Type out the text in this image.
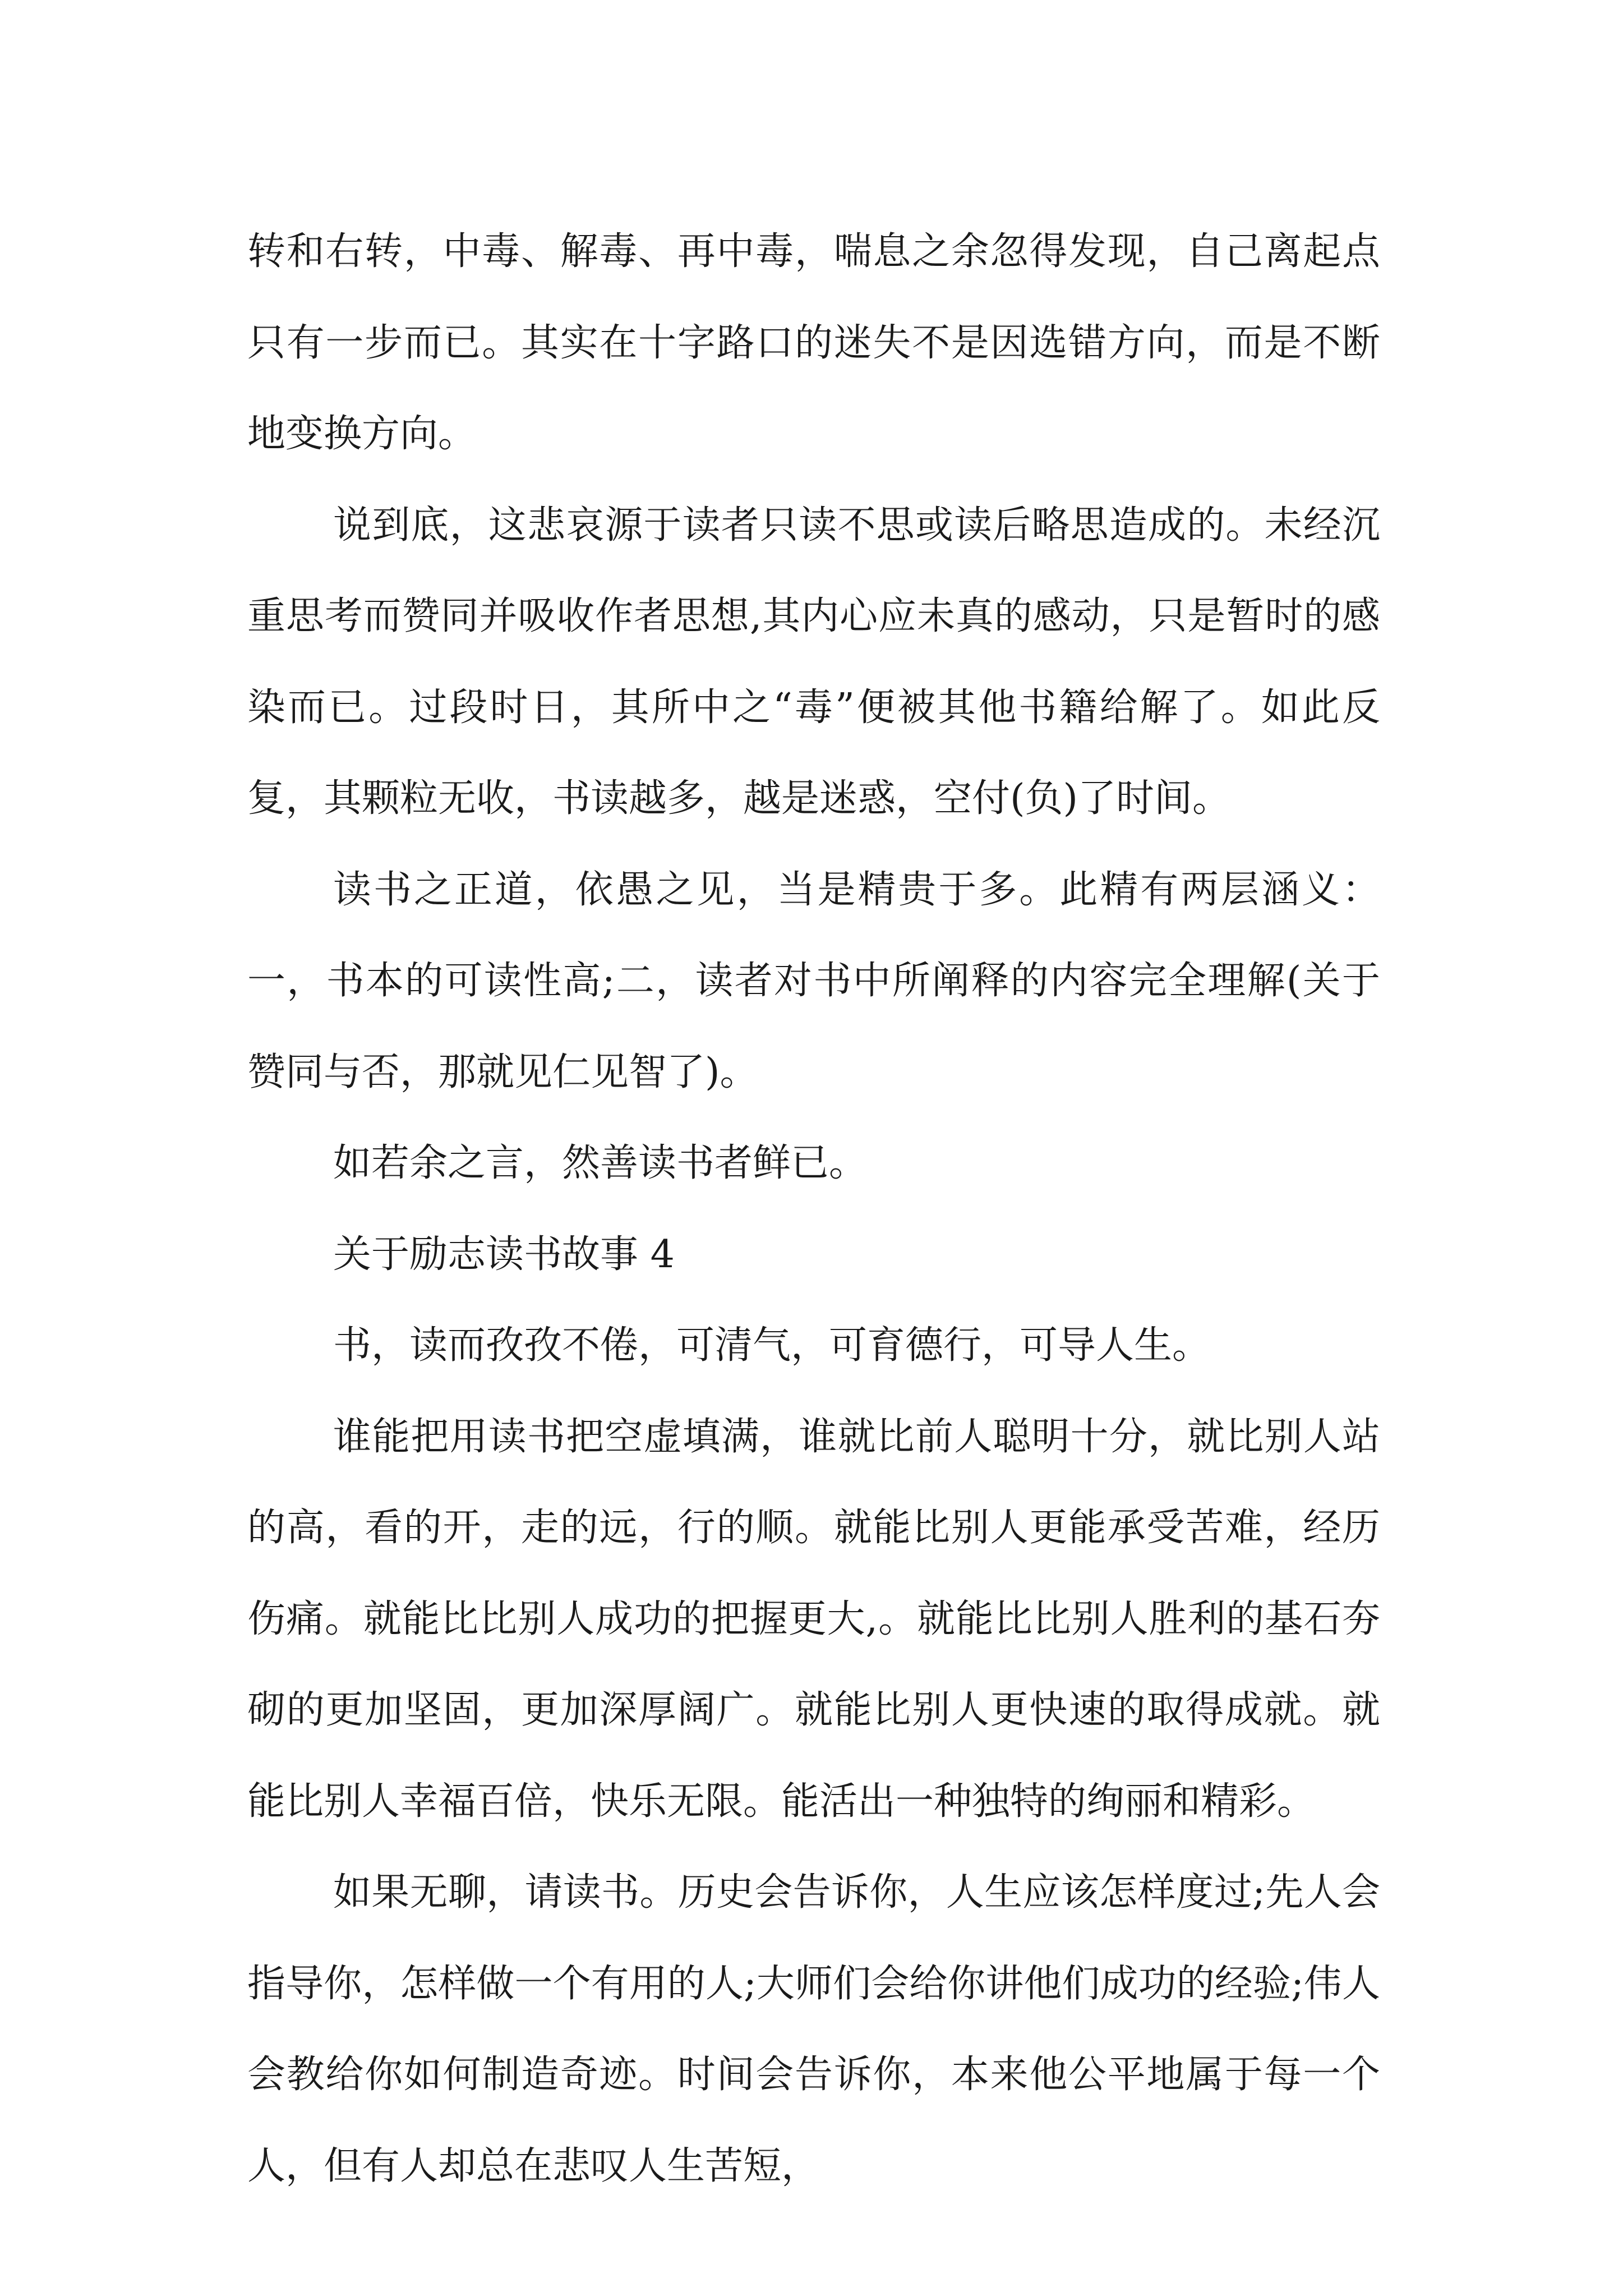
转和右转，中毒、解毒、再中毒，喘息之余忽得发现，自己离起点只有一步而已。其实在十字路口的迷失不是因选错方向，而是不断地变换方向。

说到底，这悲哀源于读者只读不思或读后略思造成的。未经沉重思考而赞同并吸收作者思想,其内心应未真的感动，只是暂时的感染而已。过段时日，其所中之“毒”便被其他书籍给解了。如此反复，其颗粒无收，书读越多，越是迷惑，空付(负)了时间。

读书之正道，依愚之见，当是精贵于多。此精有两层涵义：一，书本的可读性高;二，读者对书中所阐释的内容完全理解(关于赞同与否，那就见仁见智了)。

如若余之言，然善读书者鲜已。

关于励志读书故事 4

书，读而孜孜不倦，可清气，可育德行，可导人生。

谁能把用读书把空虚填满，谁就比前人聪明十分，就比别人站的高，看的开，走的远，行的顺。就能比别人更能承受苦难，经历伤痛。就能比比别人成功的把握更大,。就能比比别人胜利的基石夯砌的更加坚固，更加深厚阔广。就能比别人更快速的取得成就。就能比别人幸福百倍，快乐无限。能活出一种独特的绚丽和精彩。

如果无聊，请读书。历史会告诉你，人生应该怎样度过;先人会指导你，怎样做一个有用的人;大师们会给你讲他们成功的经验;伟人会教给你如何制造奇迹。时间会告诉你，本来他公平地属于每一个人，但有人却总在悲叹人生苦短，
